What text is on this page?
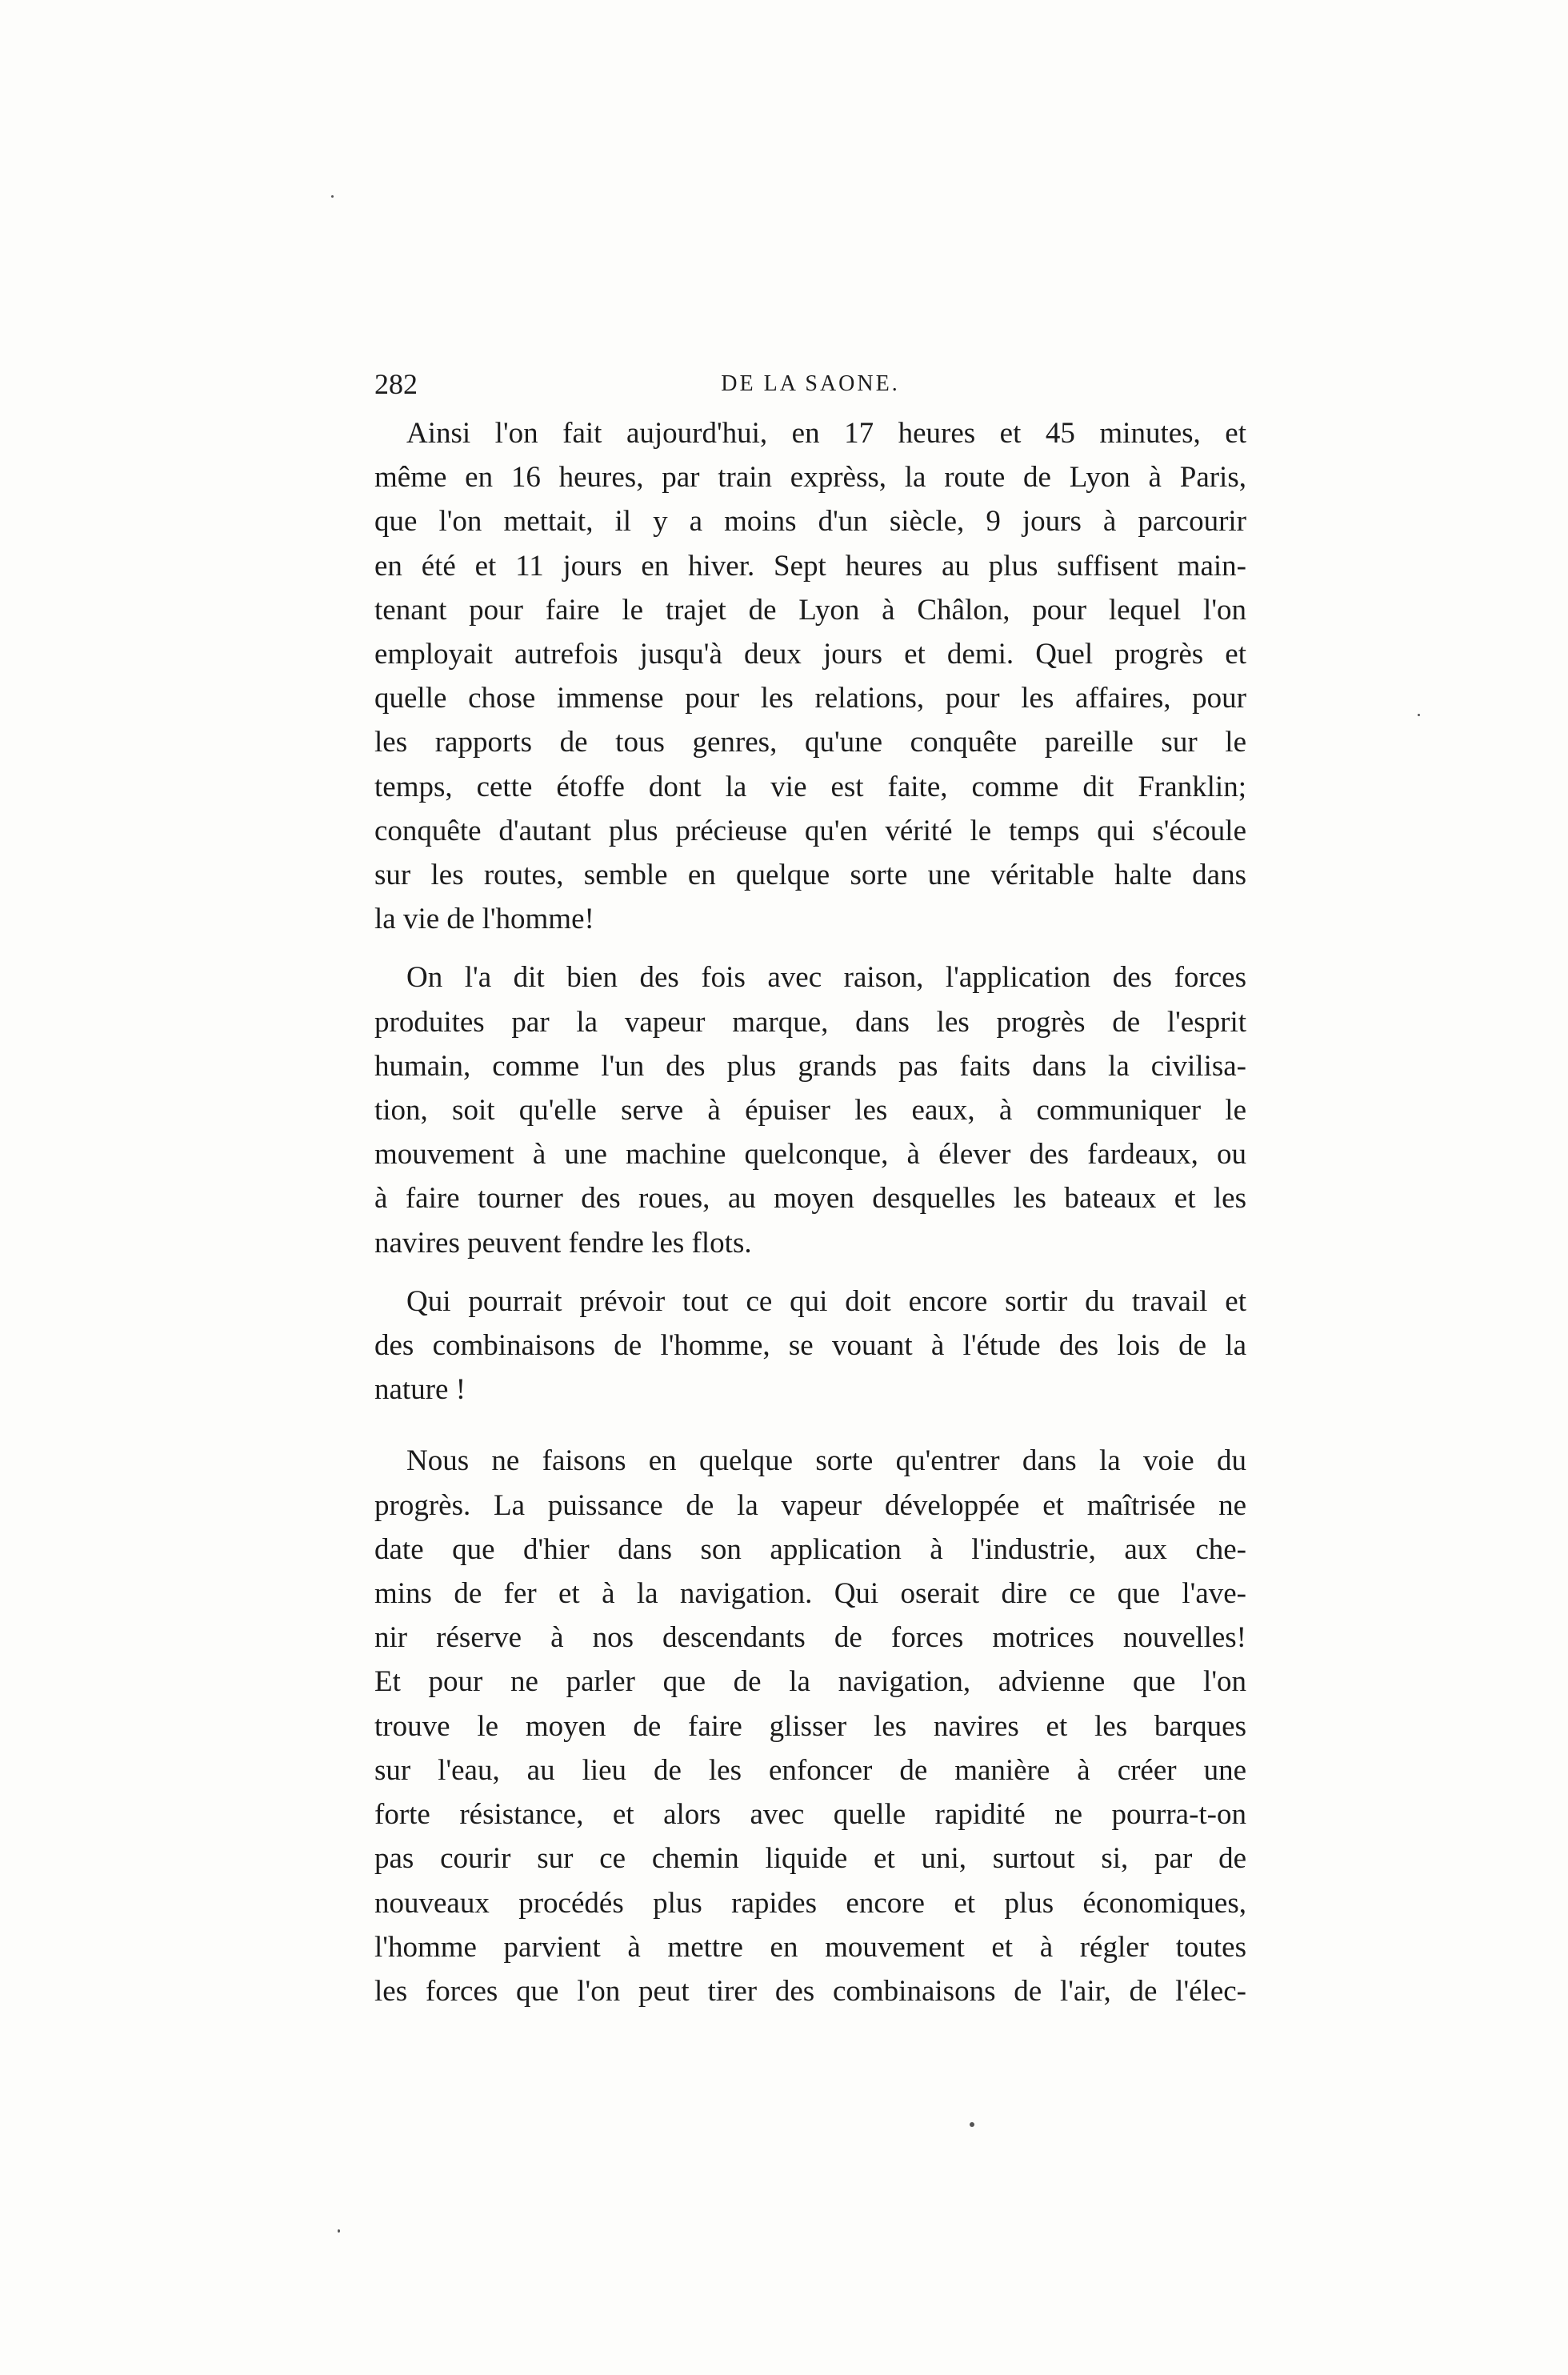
282	DE LA SAONE.

Ainsi l'on fait aujourd'hui, en 17 heures et 45 minutes, et
même en 16 heures, par train exprèss, la route de Lyon à Paris,
que l'on mettait, il y a moins d'un siècle, 9 jours à parcourir
en été et 11 jours en hiver. Sept heures au plus suffisent main-
tenant pour faire le trajet de Lyon à Châlon, pour lequel l'on
employait autrefois jusqu'à deux jours et demi. Quel progrès et
quelle chose immense pour les relations, pour les affaires, pour
les rapports de tous genres, qu'une conquête pareille sur le
temps, cette étoffe dont la vie est faite, comme dit Franklin;
conquête d'autant plus précieuse qu'en vérité le temps qui s'écoule
sur les routes, semble en quelque sorte une véritable halte dans
la vie de l'homme!

On l'a dit bien des fois avec raison, l'application des forces
produites par la vapeur marque, dans les progrès de l'esprit
humain, comme l'un des plus grands pas faits dans la civilisa-
tion, soit qu'elle serve à épuiser les eaux, à communiquer le
mouvement à une machine quelconque, à élever des fardeaux, ou
à faire tourner des roues, au moyen desquelles les bateaux et les
navires peuvent fendre les flots.

Qui pourrait prévoir tout ce qui doit encore sortir du travail et
des combinaisons de l'homme, se vouant à l'étude des lois de la
nature !

Nous ne faisons en quelque sorte qu'entrer dans la voie du
progrès. La puissance de la vapeur développée et maîtrisée ne
date que d'hier dans son application à l'industrie, aux che-
mins de fer et à la navigation. Qui oserait dire ce que l'ave-
nir réserve à nos descendants de forces motrices nouvelles!
Et pour ne parler que de la navigation, advienne que l'on
trouve le moyen de faire glisser les navires et les barques
sur l'eau, au lieu de les enfoncer de manière à créer une
forte résistance, et alors avec quelle rapidité ne pourra-t-on
pas courir sur ce chemin liquide et uni, surtout si, par de
nouveaux procédés plus rapides encore et plus économiques,
l'homme parvient à mettre en mouvement et à régler toutes
les forces que l'on peut tirer des combinaisons de l'air, de l'élec-
